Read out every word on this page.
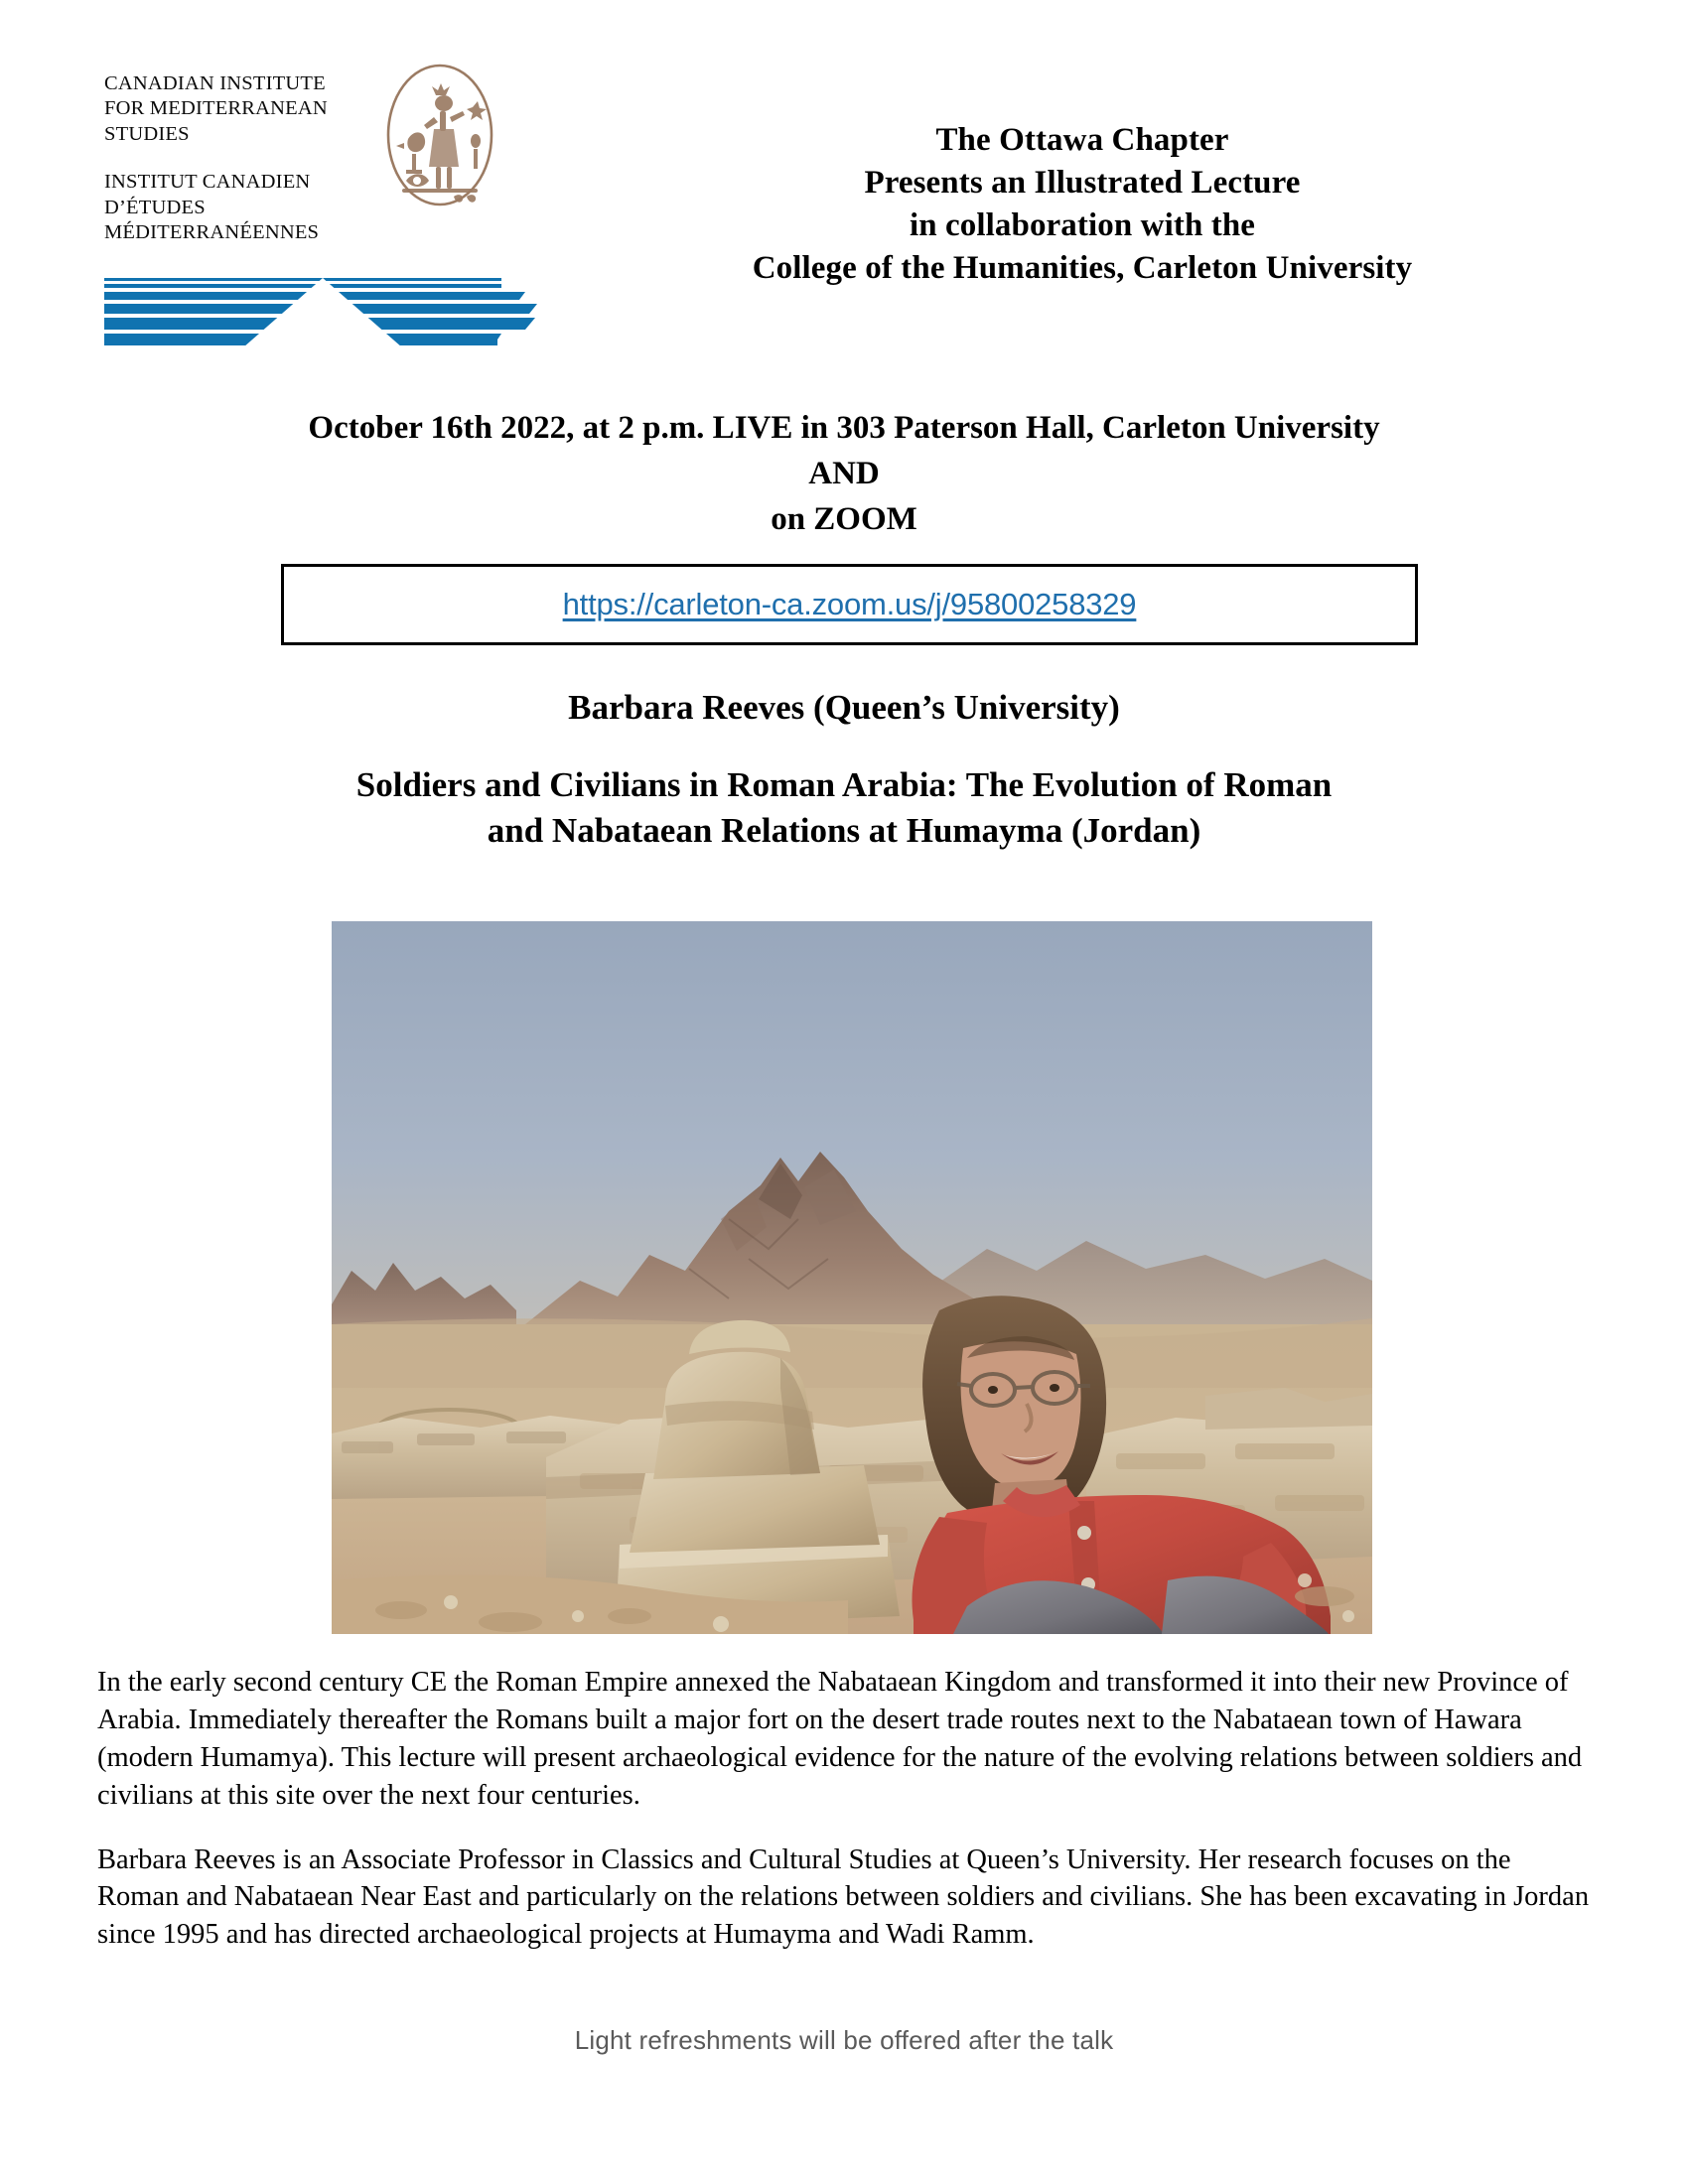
CANADIAN INSTITUTE
FOR MEDITERRANEAN
STUDIES
INSTITUT CANADIEN
D’ÉTUDES
MÉDITERRANÉENNES
The Ottawa Chapter
Presents an Illustrated Lecture
in collaboration with the
College of the Humanities, Carleton University
October 16th 2022, at 2 p.m. LIVE in 303 Paterson Hall, Carleton University
AND
on ZOOM
https://carleton-ca.zoom.us/j/95800258329
Barbara Reeves (Queen’s University)
Soldiers and Civilians in Roman Arabia: The Evolution of Roman
and Nabataean Relations at Humayma (Jordan)

In the early second century CE the Roman Empire annexed the Nabataean Kingdom and transformed it into their new Province of Arabia. Immediately thereafter the Romans built a major fort on the desert trade routes next to the Nabataean town of Hawara (modern Humamya). This lecture will present archaeological evidence for the nature of the evolving relations between soldiers and civilians at this site over the next four centuries.

Barbara Reeves is an Associate Professor in Classics and Cultural Studies at Queen’s University. Her research focuses on the Roman and Nabataean Near East and particularly on the relations between soldiers and civilians. She has been excavating in Jordan since 1995 and has directed archaeological projects at Humayma and Wadi Ramm.

Light refreshments will be offered after the talk
